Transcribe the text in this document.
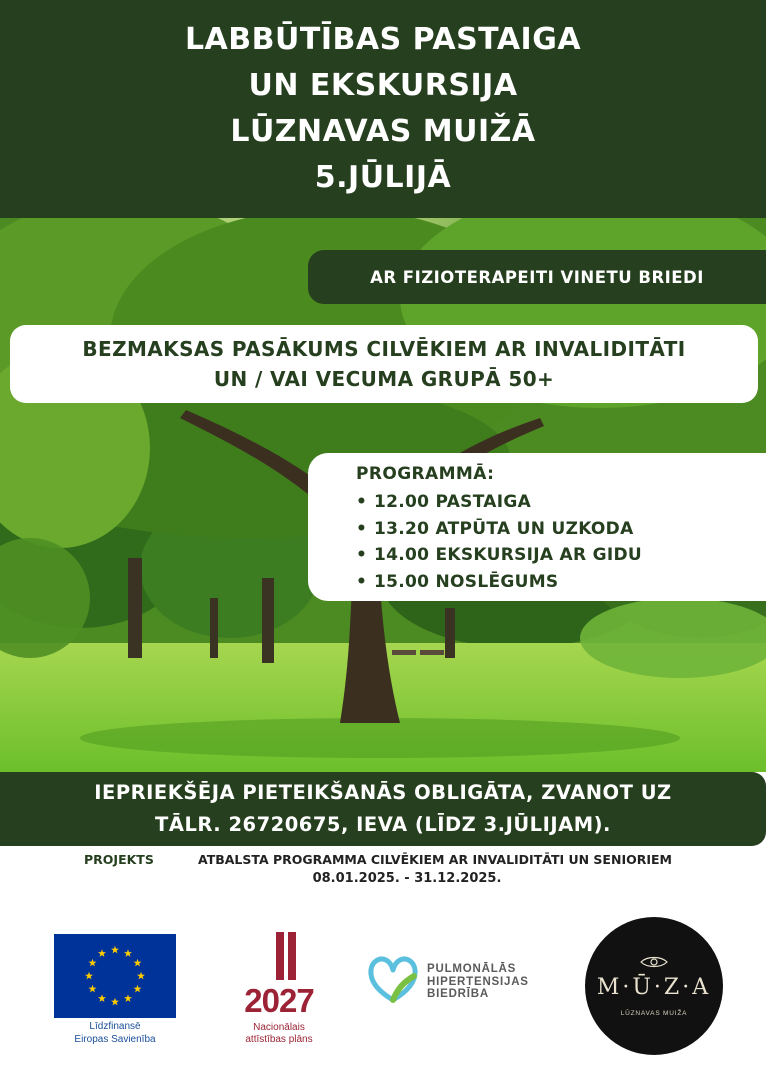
LABBŪTĪBAS PASTAIGA
UN EKSKURSIJA
LŪZNAVAS MUIŽĀ
5.JŪLIJĀ
AR FIZIOTERAPEITI VINETU BRIEDI
BEZMAKSAS PASĀKUMS CILVĒKIEM AR INVALIDITĀTI
UN / VAI VECUMA GRUPĀ 50+
PROGRAMMĀ:
• 12.00 PASTAIGA
• 13.20 ATPŪTA UN UZKODA
• 14.00 EKSKURSIJA AR GIDU
• 15.00 NOSLĒGUMS
IEPRIEKŠĒJA PIETEIKŠANĀS OBLIGĀTA, ZVANOT UZ
TĀLR. 26720675, IEVA (LĪDZ 3.JŪLIJAM).
PROJEKTS	ATBALSTA PROGRAMMA CILVĒKIEM AR INVALIDITĀTI UN SENIORIEM
08.01.2025. - 31.12.2025.
Līdzfinansē
Eiropas Savienība
2027
Nacionālais
attīstības plāns
PULMONĀLĀS
HIPERTENSIJAS
BIEDRĪBA	M·Ū·Z·A
LŪZNAVAS MUIŽA
